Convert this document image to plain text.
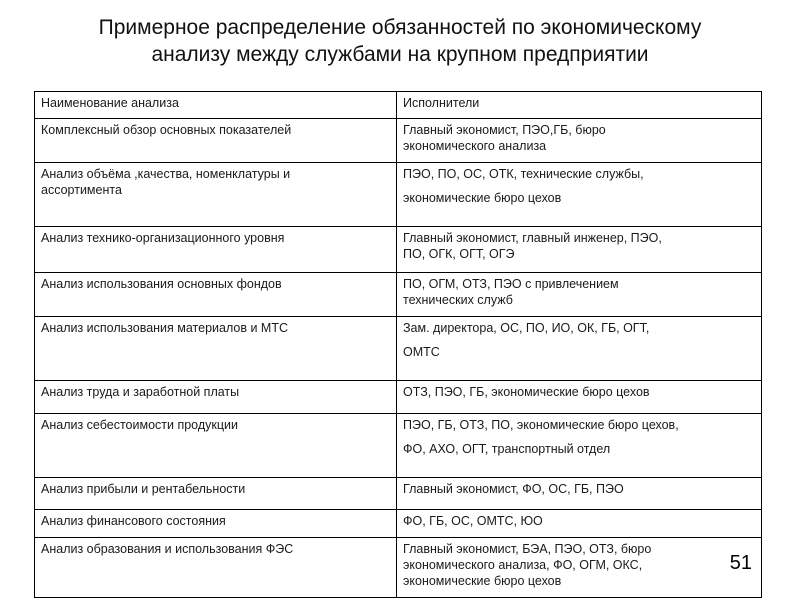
Примерное распределение обязанностей по экономическому
анализу между службами на крупном предприятии
Наименование анализа	Исполнители

Комплексный обзор основных показателей	Главный экономист, ПЭО,ГБ, бюро
экономического анализа

Анализ объёма ,качества, номенклатуры и
ассортимента	ПЭО, ПО, ОС, ОТК, технические службы,
экономические бюро цехов

Анализ технико-организационного уровня	Главный экономист, главный инженер, ПЭО,
ПО, ОГК, ОГТ, ОГЭ

Анализ использования основных фондов	ПО, ОГМ, ОТЗ, ПЭО с привлечением
технических служб

Анализ использования материалов и МТС	Зам. директора, ОС, ПО, ИО, ОК, ГБ, ОГТ,
ОМТС

Анализ труда и заработной платы	ОТЗ, ПЭО, ГБ, экономические бюро цехов

Анализ себестоимости продукции	ПЭО, ГБ, ОТЗ, ПО, экономические бюро цехов,
ФО, АХО, ОГТ, транспортный отдел

Анализ прибыли и рентабельности	Главный экономист, ФО, ОС, ГБ, ПЭО

Анализ финансового состояния	ФО, ГБ, ОС, ОМТС, ЮО

Анализ образования и использования ФЭС	Главный экономист, БЭА, ПЭО, ОТЗ, бюро
экономического анализа, ФО, ОГМ, ОКС,
экономические бюро цехов
51
